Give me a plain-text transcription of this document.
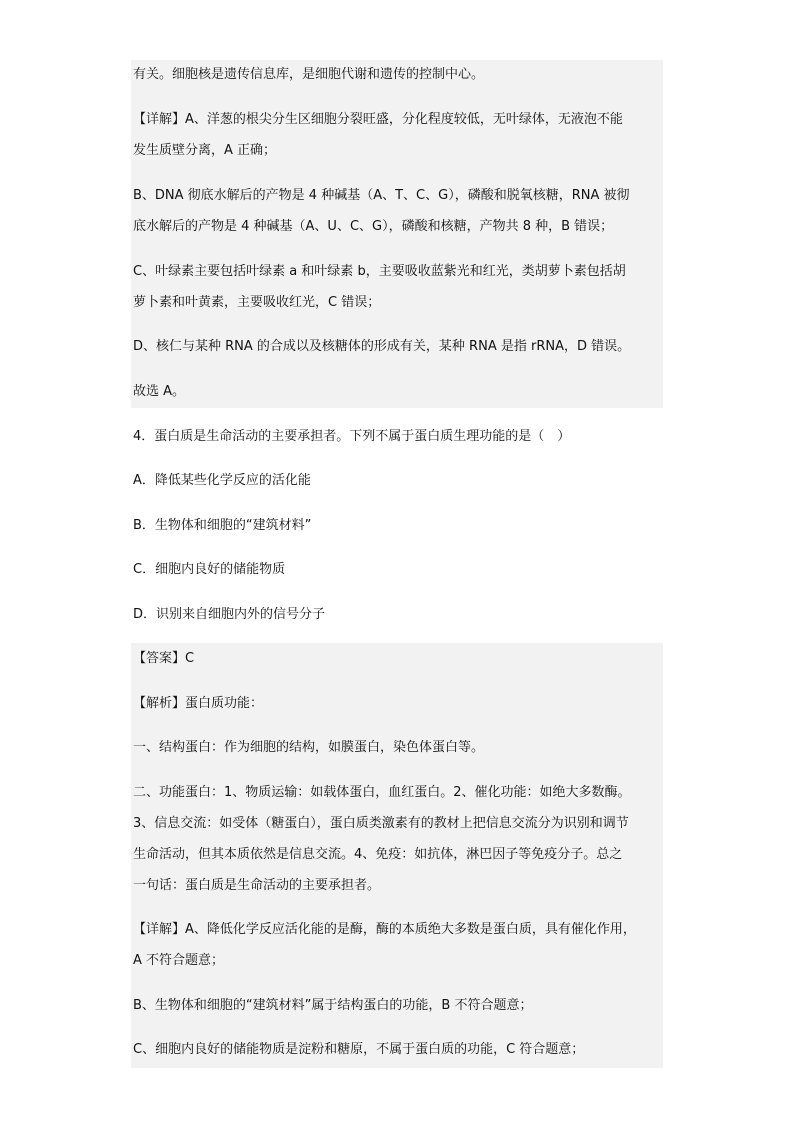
有关。细胞核是遗传信息库，是细胞代谢和遗传的控制中心。
【详解】A、洋葱的根尖分生区细胞分裂旺盛，分化程度较低，无叶绿体，无液泡不能
发生质壁分离，A 正确；
B、DNA 彻底水解后的产物是 4 种碱基（A、T、C、G），磷酸和脱氧核糖，RNA 被彻
底水解后的产物是 4 种碱基（A、U、C、G），磷酸和核糖，产物共 8 种，B 错误；
C、叶绿素主要包括叶绿素 a 和叶绿素 b，主要吸收蓝紫光和红光，类胡萝卜素包括胡
萝卜素和叶黄素，主要吸收红光，C 错误；
D、核仁与某种 RNA 的合成以及核糖体的形成有关，某种 RNA 是指 rRNA，D 错误。
故选 A。
4．蛋白质是生命活动的主要承担者。下列不属于蛋白质生理功能的是（　）
A．降低某些化学反应的活化能
B．生物体和细胞的“建筑材料”
C．细胞内良好的储能物质
D．识别来自细胞内外的信号分子
【答案】C
【解析】蛋白质功能：
一、结构蛋白：作为细胞的结构，如膜蛋白，染色体蛋白等。
二、功能蛋白：1、物质运输：如载体蛋白，血红蛋白。2、催化功能：如绝大多数酶。
3、信息交流：如受体（糖蛋白），蛋白质类激素有的教材上把信息交流分为识别和调节
生命活动，但其本质依然是信息交流。4、免疫：如抗体，淋巴因子等免疫分子。总之
一句话：蛋白质是生命活动的主要承担者。
【详解】A、降低化学反应活化能的是酶，酶的本质绝大多数是蛋白质，具有催化作用，
A 不符合题意；
B、生物体和细胞的“建筑材料”属于结构蛋白的功能，B 不符合题意；
C、细胞内良好的储能物质是淀粉和糖原，不属于蛋白质的功能，C 符合题意；
